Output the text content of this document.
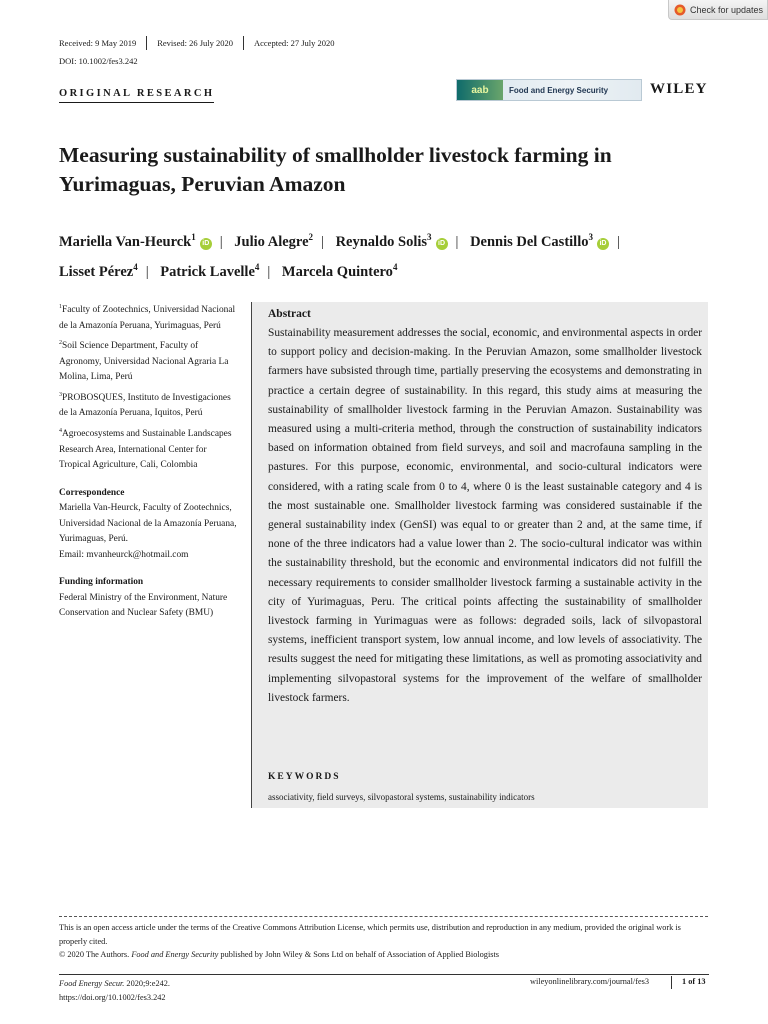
Check for updates
Received: 9 May 2019	Revised: 26 July 2020	Accepted: 27 July 2020
DOI: 10.1002/fes3.242
ORIGINAL RESEARCH	aab	Food and Energy Security	WILEY
Measuring sustainability of smallholder livestock farming in Yurimaguas, Peruvian Amazon
Mariella Van-Heurck$^1$iD | Julio Alegre$^2$ | Reynaldo Solis$^3$iD | Dennis Del Castillo$^3$iD | Lisset Pérez$^4$ | Patrick Lavelle$^4$ | Marcela Quintero$^4$
$^1$Faculty of Zootechnics, Universidad Nacional de la Amazonía Peruana, Yurimaguas, Perú
$^2$Soil Science Department, Faculty of Agronomy, Universidad Nacional Agraria La Molina, Lima, Perú
$^3$PROBOSQUES, Instituto de Investigaciones de la Amazonía Peruana, Iquitos, Perú
$^4$Agroecosystems and Sustainable Landscapes Research Area, International Center for Tropical Agriculture, Cali, Colombia
Correspondence
Mariella Van-Heurck, Faculty of Zootechnics, Universidad Nacional de la Amazonía Peruana, Yurimaguas, Perú.
Email: mvanheurck@hotmail.com
Funding information
Federal Ministry of the Environment, Nature Conservation and Nuclear Safety (BMU)
Abstract

Sustainability measurement addresses the social, economic, and environmental aspects in order to support policy and decision-making. In the Peruvian Amazon, some smallholder livestock farmers have subsisted through time, partially preserving the ecosystems and demonstrating in practice a certain degree of sustainability. In this regard, this study aims at measuring the sustainability of smallholder livestock farming in the Peruvian Amazon. Sustainability was measured using a multi-criteria method, through the construction of sustainability indicators based on information obtained from field surveys, and soil and macrofauna sampling in the pastures. For this purpose, economic, environmental, and socio-cultural indicators were considered, with a rating scale from 0 to 4, where 0 is the least sustainable category and 4 is the most sustainable one. Smallholder livestock farming was considered sustainable if the general sustainability index (GenSI) was equal to or greater than 2 and, at the same time, if none of the three indicators had a value lower than 2. The socio-cultural indicator was within the sustainability threshold, but the economic and environmental indicators did not fulfill the necessary requirements to consider smallholder livestock farming a sustainable activity in the city of Yurimaguas, Peru. The critical points affecting the sustainability of smallholder livestock farming in Yurimaguas were as follows: degraded soils, lack of silvopastoral systems, inefficient transport system, low annual income, and low levels of associativity. The results suggest the need for mitigating these limitations, as well as promoting associativity and implementing silvopastoral systems for the improvement of the welfare of smallholder livestock farmers.

KEYWORDS
associativity, field surveys, silvopastoral systems, sustainability indicators
This is an open access article under the terms of the Creative Commons Attribution License, which permits use, distribution and reproduction in any medium, provided the original work is properly cited.
© 2020 The Authors. Food and Energy Security published by John Wiley & Sons Ltd on behalf of Association of Applied Biologists
Food Energy Secur. 2020;9:e242.
https://doi.org/10.1002/fes3.242
wileyonlinelibrary.com/journal/fes3	1 of 13
